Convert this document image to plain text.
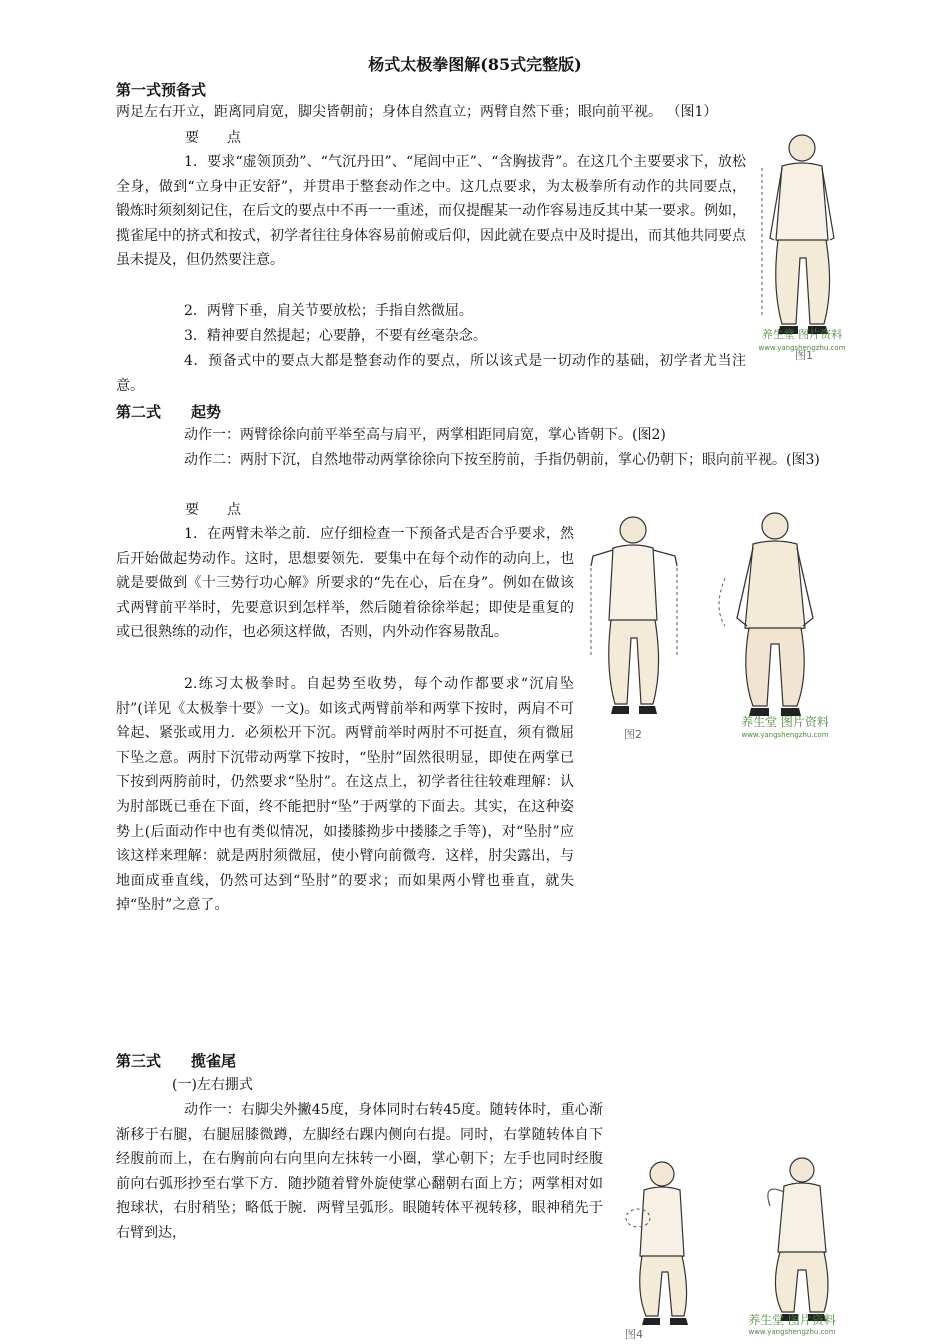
杨式太极拳图解(85式完整版)
第一式预备式

两足左右开立，距离同肩宽，脚尖皆朝前；身体自然直立；两臂自然下垂；眼向前平视。 （图1）

要 点

1．要求“虚领顶劲”、“气沉丹田”、“尾闾中正”、“含胸拔背”。在这几个主要要求下，放松全身，做到“立身中正安舒”，并贯串于整套动作之中。这几点要求，为太极拳所有动作的共同要点，锻炼时须刻刻记住，在后文的要点中不再一一重述，而仅提醒某一动作容易违反其中某一要求。例如，揽雀尾中的挤式和按式，初学者往往身体容易前俯或后仰，因此就在要点中及时提出，而其他共同要点虽未提及，但仍然要注意。

2．两臂下垂，肩关节要放松；手指自然微屈。

3．精神要自然提起；心要静，不要有丝毫杂念。

4．预备式中的要点大都是整套动作的要点，所以该式是一切动作的基础，初学者尤当注意。

养生堂 图片资料
www.yangshengzhu.com
图1
第二式 起势

动作一：两臂徐徐向前平举至高与肩平，两掌相距同肩宽，掌心皆朝下。(图2)

动作二：两肘下沉，自然地带动两掌徐徐向下按至胯前，手指仍朝前，掌心仍朝下；眼向前平视。(图3)

要 点

1．在两臂未举之前．应仔细检查一下预备式是否合乎要求，然后开始做起势动作。这时，思想要领先．要集中在每个动作的动向上，也就是要做到《十三势行功心解》所要求的“先在心，后在身”。例如在做该式两臂前平举时，先要意识到怎样举，然后随着徐徐举起；即使是重复的或已很熟练的动作，也必须这样做，否则，内外动作容易散乱。

2.练习太极拳时。自起势至收势，每个动作都要求“沉肩坠肘”(详见《太极拳十要》一文)。如该式两臂前举和两掌下按时，两肩不可耸起、紧张或用力．必须松开下沉。两臂前举时两肘不可挺直，须有微屈下坠之意。两肘下沉带动两掌下按时，“坠肘”固然很明显，即使在两掌已下按到两胯前时，仍然要求“坠肘”。在这点上，初学者往往较难理解：认为肘部既已垂在下面，终不能把肘“坠”于两掌的下面去。其实，在这种姿势上(后面动作中也有类似情况，如搂膝拗步中搂膝之手等)，对“坠肘”应该这样来理解：就是两肘须微屈，使小臂向前微弯．这样，肘尖露出，与地面成垂直线，仍然可达到“坠肘”的要求；而如果两小臂也垂直，就失掉“坠肘”之意了。

图2
养生堂 图片资料
www.yangshengzhu.com
第三式 揽雀尾
(一)左右掤式

动作一：右脚尖外撇45度，身体同时右转45度。随转体时，重心渐渐移于右腿，右腿屈膝微蹲，左脚经右踝内侧向右提。同时，右掌随转体自下经腹前而上，在右胸前向右向里向左抹转一小圈，掌心朝下；左手也同时经腹前向右弧形抄至右掌下方．随抄随着臂外旋使掌心翻朝右面上方；两掌相对如抱球状，右肘稍坠；略低于腕．两臂呈弧形。眼随转体平视转移，眼神稍先于右臂到达，

养生堂 图片资料
www.yangshengzhu.com
图4
